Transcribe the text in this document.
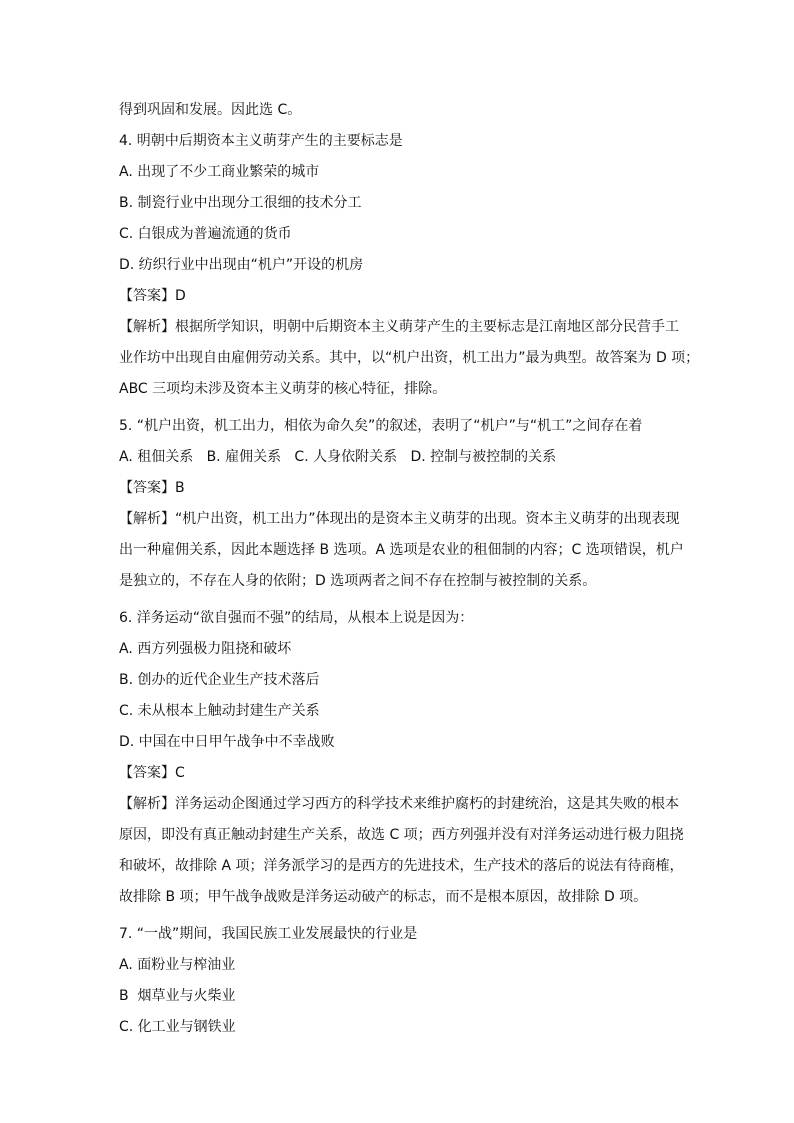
得到巩固和发展。因此选 C。

4. 明朝中后期资本主义萌芽产生的主要标志是

A. 出现了不少工商业繁荣的城市

B. 制瓷行业中出现分工很细的技术分工

C. 白银成为普遍流通的货币

D. 纺织行业中出现由“机户”开设的机房

【答案】D

【解析】根据所学知识，明朝中后期资本主义萌芽产生的主要标志是江南地区部分民营手工
业作坊中出现自由雇佣劳动关系。其中，以“机户出资，机工出力”最为典型。故答案为 D 项；
ABC 三项均未涉及资本主义萌芽的核心特征，排除。

5. “机户出资，机工出力，相依为命久矣”的叙述，表明了“机户”与“机工”之间存在着

A. 租佃关系   B. 雇佣关系   C. 人身依附关系   D. 控制与被控制的关系

【答案】B

【解析】“机户出资，机工出力”体现出的是资本主义萌芽的出现。资本主义萌芽的出现表现
出一种雇佣关系，因此本题选择 B 选项。A 选项是农业的租佃制的内容；C 选项错误，机户
是独立的，不存在人身的依附；D 选项两者之间不存在控制与被控制的关系。

6. 洋务运动“欲自强而不强”的结局，从根本上说是因为：

A. 西方列强极力阻挠和破坏

B. 创办的近代企业生产技术落后

C. 未从根本上触动封建生产关系

D. 中国在中日甲午战争中不幸战败

【答案】C

【解析】洋务运动企图通过学习西方的科学技术来维护腐朽的封建统治，这是其失败的根本
原因，即没有真正触动封建生产关系，故选 C 项；西方列强并没有对洋务运动进行极力阻挠
和破坏，故排除 A 项；洋务派学习的是西方的先进技术，生产技术的落后的说法有待商榷，
故排除 B 项；甲午战争战败是洋务运动破产的标志，而不是根本原因，故排除 D 项。

7. “一战”期间，我国民族工业发展最快的行业是

A. 面粉业与榨油业

B  烟草业与火柴业

C. 化工业与钢铁业
